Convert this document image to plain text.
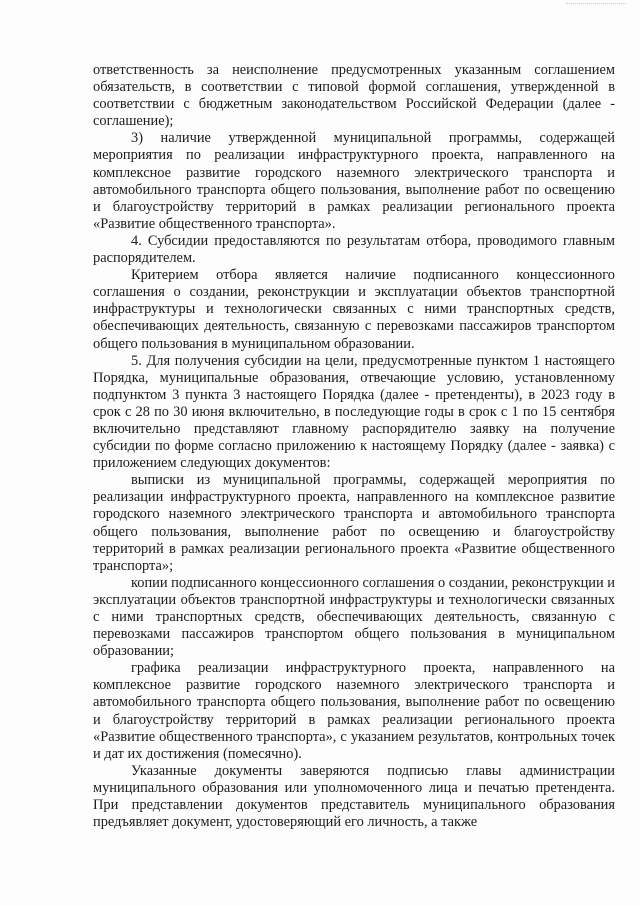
ответственность за неисполнение предусмотренных указанным соглашением обязательств, в соответствии с типовой формой соглашения, утвержденной в соответствии с бюджетным законодательством Российской Федерации (далее - соглашение);

3) наличие утвержденной муниципальной программы, содержащей мероприятия по реализации инфраструктурного проекта, направленного на комплексное развитие городского наземного электрического транспорта и автомобильного транспорта общего пользования, выполнение работ по освещению и благоустройству территорий в рамках реализации регионального проекта «Развитие общественного транспорта».

4. Субсидии предоставляются по результатам отбора, проводимого главным распорядителем.

Критерием отбора является наличие подписанного концессионного соглашения о создании, реконструкции и эксплуатации объектов транспортной инфраструктуры и технологически связанных с ними транспортных средств, обеспечивающих деятельность, связанную с перевозками пассажиров транспортом общего пользования в муниципальном образовании.

5. Для получения субсидии на цели, предусмотренные пунктом 1 настоящего Порядка, муниципальные образования, отвечающие условию, установленному подпунктом 3 пункта 3 настоящего Порядка (далее - претенденты), в 2023 году в срок с 28 по 30 июня включительно, в последующие годы в срок с 1 по 15 сентября включительно представляют главному распорядителю заявку на получение субсидии по форме согласно приложению к настоящему Порядку (далее - заявка) с приложением следующих документов:

выписки из муниципальной программы, содержащей мероприятия по реализации инфраструктурного проекта, направленного на комплексное развитие городского наземного электрического транспорта и автомобильного транспорта общего пользования, выполнение работ по освещению и благоустройству территорий в рамках реализации регионального проекта «Развитие общественного транспорта»;

копии подписанного концессионного соглашения о создании, реконструкции и эксплуатации объектов транспортной инфраструктуры и технологически связанных с ними транспортных средств, обеспечивающих деятельность, связанную с перевозками пассажиров транспортом общего пользования в муниципальном образовании;

графика реализации инфраструктурного проекта, направленного на комплексное развитие городского наземного электрического транспорта и автомобильного транспорта общего пользования, выполнение работ по освещению и благоустройству территорий в рамках реализации регионального проекта «Развитие общественного транспорта», с указанием результатов, контрольных точек и дат их достижения (помесячно).

Указанные документы заверяются подписью главы администрации муниципального образования или уполномоченного лица и печатью претендента. При представлении документов представитель муниципального образования предъявляет документ, удостоверяющий его личность, а также
